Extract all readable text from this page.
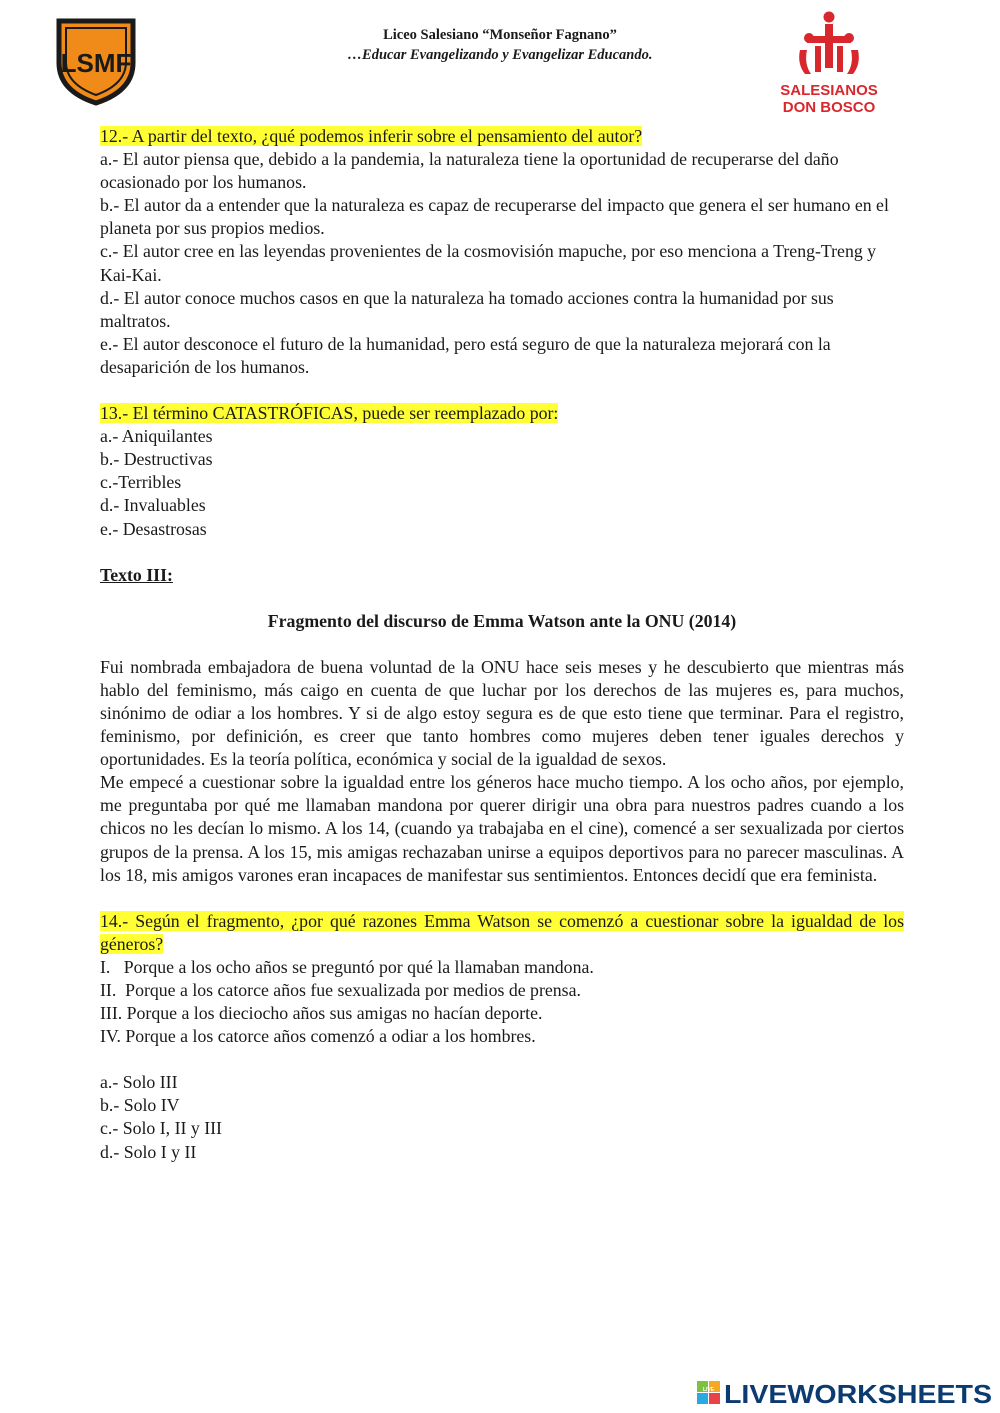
LSMF
Liceo Salesiano “Monseñor Fagnano”
…Educar Evangelizando y Evangelizar Educando.
SALESIANOS
DON BOSCO

12.- A partir del texto, ¿qué podemos inferir sobre el pensamiento del autor?

a.- El autor piensa que, debido a la pandemia, la naturaleza tiene la oportunidad de recuperarse del daño ocasionado por los humanos.

b.- El autor da a entender que la naturaleza es capaz de recuperarse del impacto que genera el ser humano en el planeta por sus propios medios.

c.- El autor cree en las leyendas provenientes de la cosmovisión mapuche, por eso menciona a Treng-Treng y Kai-Kai.

d.- El autor conoce muchos casos en que la naturaleza ha tomado acciones contra la humanidad por sus maltratos.

e.- El autor desconoce el futuro de la humanidad, pero está seguro de que la naturaleza mejorará con la desaparición de los humanos.

13.- El término CATASTRÓFICAS, puede ser reemplazado por:

a.- Aniquilantes

b.- Destructivas

c.-Terribles

d.- Invaluables

e.- Desastrosas

Texto III:

Fragmento del discurso de Emma Watson ante la ONU (2014)

Fui nombrada embajadora de buena voluntad de la ONU hace seis meses y he descubierto que mientras más hablo del feminismo, más caigo en cuenta de que luchar por los derechos de las mujeres es, para muchos, sinónimo de odiar a los hombres. Y si de algo estoy segura es de que esto tiene que terminar. Para el registro, feminismo, por definición, es creer que tanto hombres como mujeres deben tener iguales derechos y oportunidades. Es la teoría política, económica y social de la igualdad de sexos.

Me empecé a cuestionar sobre la igualdad entre los géneros hace mucho tiempo. A los ocho años, por ejemplo, me preguntaba por qué me llamaban mandona por querer dirigir una obra para nuestros padres cuando a los chicos no les decían lo mismo. A los 14, (cuando ya trabajaba en el cine), comencé a ser sexualizada por ciertos grupos de la prensa. A los 15, mis amigas rechazaban unirse a equipos deportivos para no parecer masculinas. A los 18, mis amigos varones eran incapaces de manifestar sus sentimientos. Entonces decidí que era feminista.

14.- Según el fragmento, ¿por qué razones Emma Watson se comenzó a cuestionar sobre la igualdad de los géneros?

I.   Porque a los ocho años se preguntó por qué la llamaban mandona.

II.  Porque a los catorce años fue sexualizada por medios de prensa.

III. Porque a los dieciocho años sus amigas no hacían deporte.

IV. Porque a los catorce años comenzó a odiar a los hombres.

a.- Solo III

b.- Solo IV

c.- Solo I, II y III

d.- Solo I y II

LIVE LIVEWORKSHEETS
